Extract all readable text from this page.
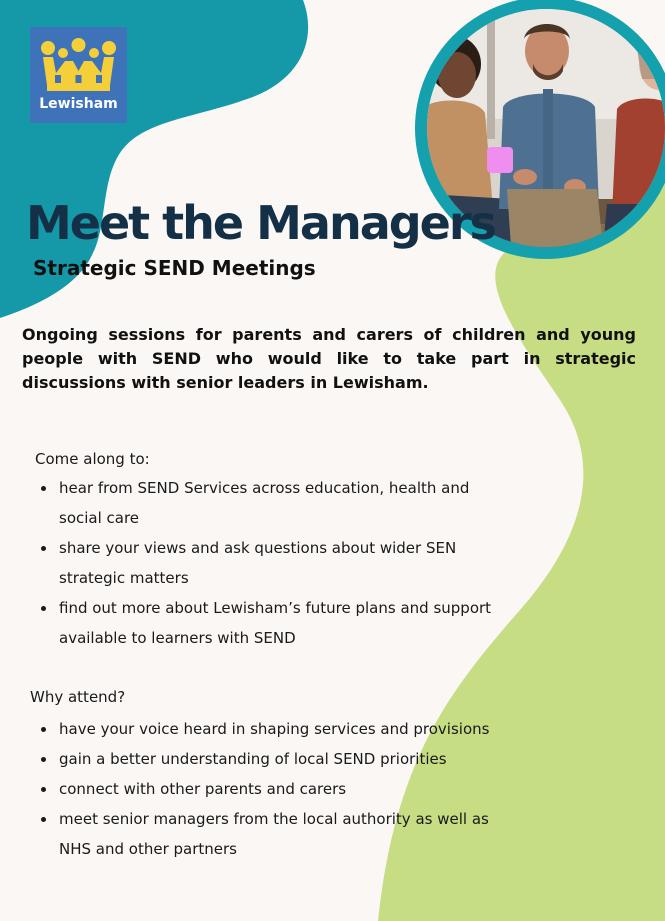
Lewisham
Meet the Managers
Strategic SEND Meetings

Ongoing sessions for parents and carers of children and young people with SEND who would like to take part in strategic discussions with senior leaders in Lewisham.

Come along to:

hear from SEND Services across education, health and social care
share your views and ask questions about wider SEN strategic matters
find out more about Lewisham’s future plans and support available to learners with SEND

Why attend?

have your voice heard in shaping services and provisions
gain a better understanding of local SEND priorities
connect with other parents and carers
meet senior managers from the local authority as well as NHS and other partners
